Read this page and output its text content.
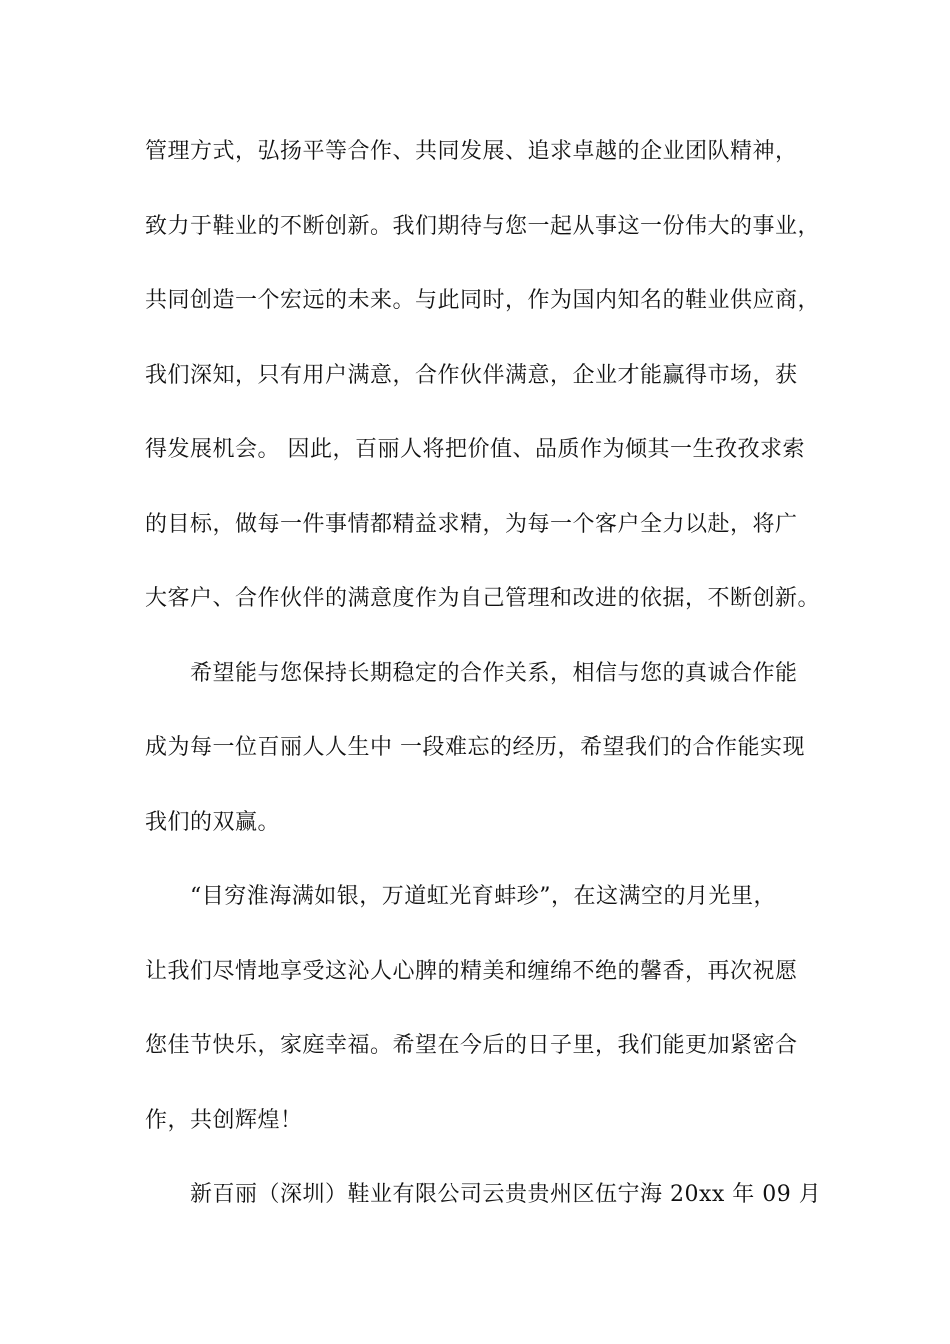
管理方式，弘扬平等合作、共同发展、追求卓越的企业团队精神，
致力于鞋业的不断创新。我们期待与您一起从事这一份伟大的事业，
共同创造一个宏远的未来。与此同时，作为国内知名的鞋业供应商，
我们深知，只有用户满意，合作伙伴满意，企业才能赢得市场，获
得发展机会。 因此，百丽人将把价值、品质作为倾其一生孜孜求索
的目标，做每一件事情都精益求精，为每一个客户全力以赴，将广
大客户、合作伙伴的满意度作为自己管理和改进的依据，不断创新。
希望能与您保持长期稳定的合作关系，相信与您的真诚合作能
成为每一位百丽人人生中 一段难忘的经历，希望我们的合作能实现
我们的双赢。
“目穷淮海满如银，万道虹光育蚌珍”，在这满空的月光里，
让我们尽情地享受这沁人心脾的精美和缠绵不绝的馨香，再次祝愿
您佳节快乐，家庭幸福。希望在今后的日子里，我们能更加紧密合
作，共创辉煌！
新百丽（深圳）鞋业有限公司云贵贵州区伍宁海 20xx 年 09 月
